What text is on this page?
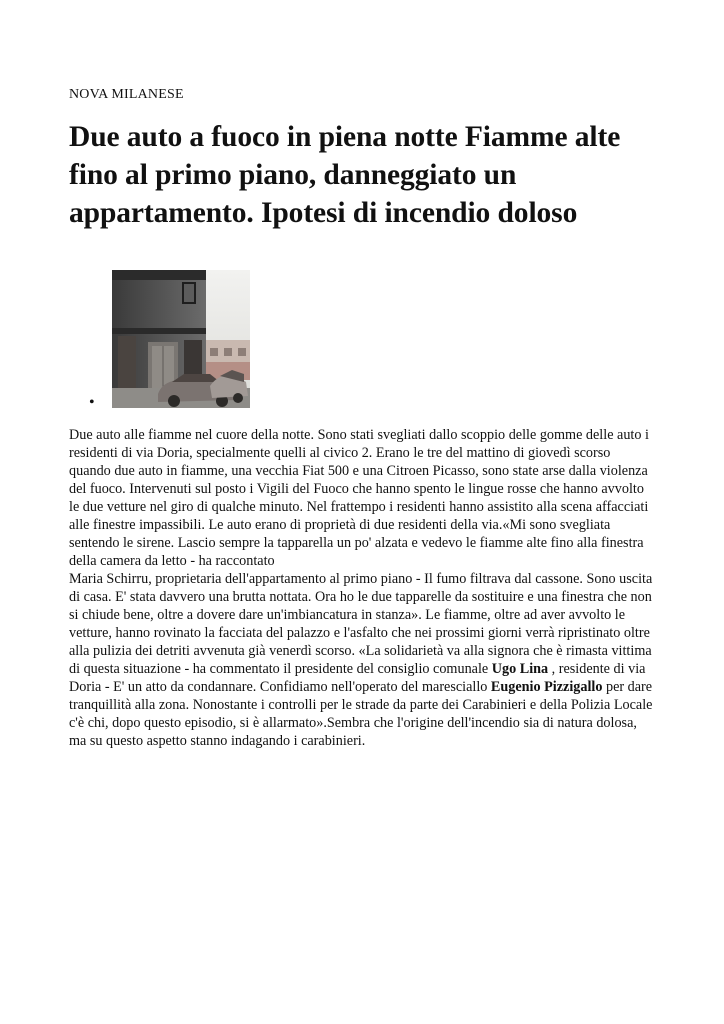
NOVA MILANESE
Due auto a fuoco in piena notte Fiamme alte fino al primo piano, danneggiato un appartamento. Ipotesi di incendio doloso
•

Due auto alle fiamme nel cuore della notte. Sono stati svegliati dallo scoppio delle gomme delle auto i residenti di via Doria, specialmente quelli al civico 2. Erano le tre del mattino di giovedì scorso quando due auto in fiamme, una vecchia Fiat 500 e una Citroen Picasso, sono state arse dalla violenza del fuoco. Intervenuti sul posto i Vigili del Fuoco che hanno spento le lingue rosse che hanno avvolto le due vetture nel giro di qualche minuto. Nel frattempo i residenti hanno assistito alla scena affacciati alle finestre impassibili. Le auto erano di proprietà di due residenti della via.«Mi sono svegliata sentendo le sirene. Lascio sempre la tapparella un po' alzata e vedevo le fiamme alte fino alla finestra della camera da letto - ha raccontato

Maria Schirru, proprietaria dell'appartamento al primo piano - Il fumo filtrava dal cassone. Sono uscita di casa. E' stata davvero una brutta nottata. Ora ho le due tapparelle da sostituire e una finestra che non si chiude bene, oltre a dovere dare un'imbiancatura in stanza». Le fiamme, oltre ad aver avvolto le vetture, hanno rovinato la facciata del palazzo e l'asfalto che nei prossimi giorni verrà ripristinato oltre alla pulizia dei detriti avvenuta già venerdì scorso. «La solidarietà va alla signora che è rimasta vittima di questa situazione - ha commentato il presidente del consiglio comunale Ugo Lina , residente di via Doria - E' un atto da condannare. Confidiamo nell'operato del maresciallo Eugenio Pizzigallo per dare tranquillità alla zona. Nonostante i controlli per le strade da parte dei Carabinieri e della Polizia Locale c'è chi, dopo questo episodio, si è allarmato».Sembra che l'origine dell'incendio sia di natura dolosa, ma su questo aspetto stanno indagando i carabinieri.
